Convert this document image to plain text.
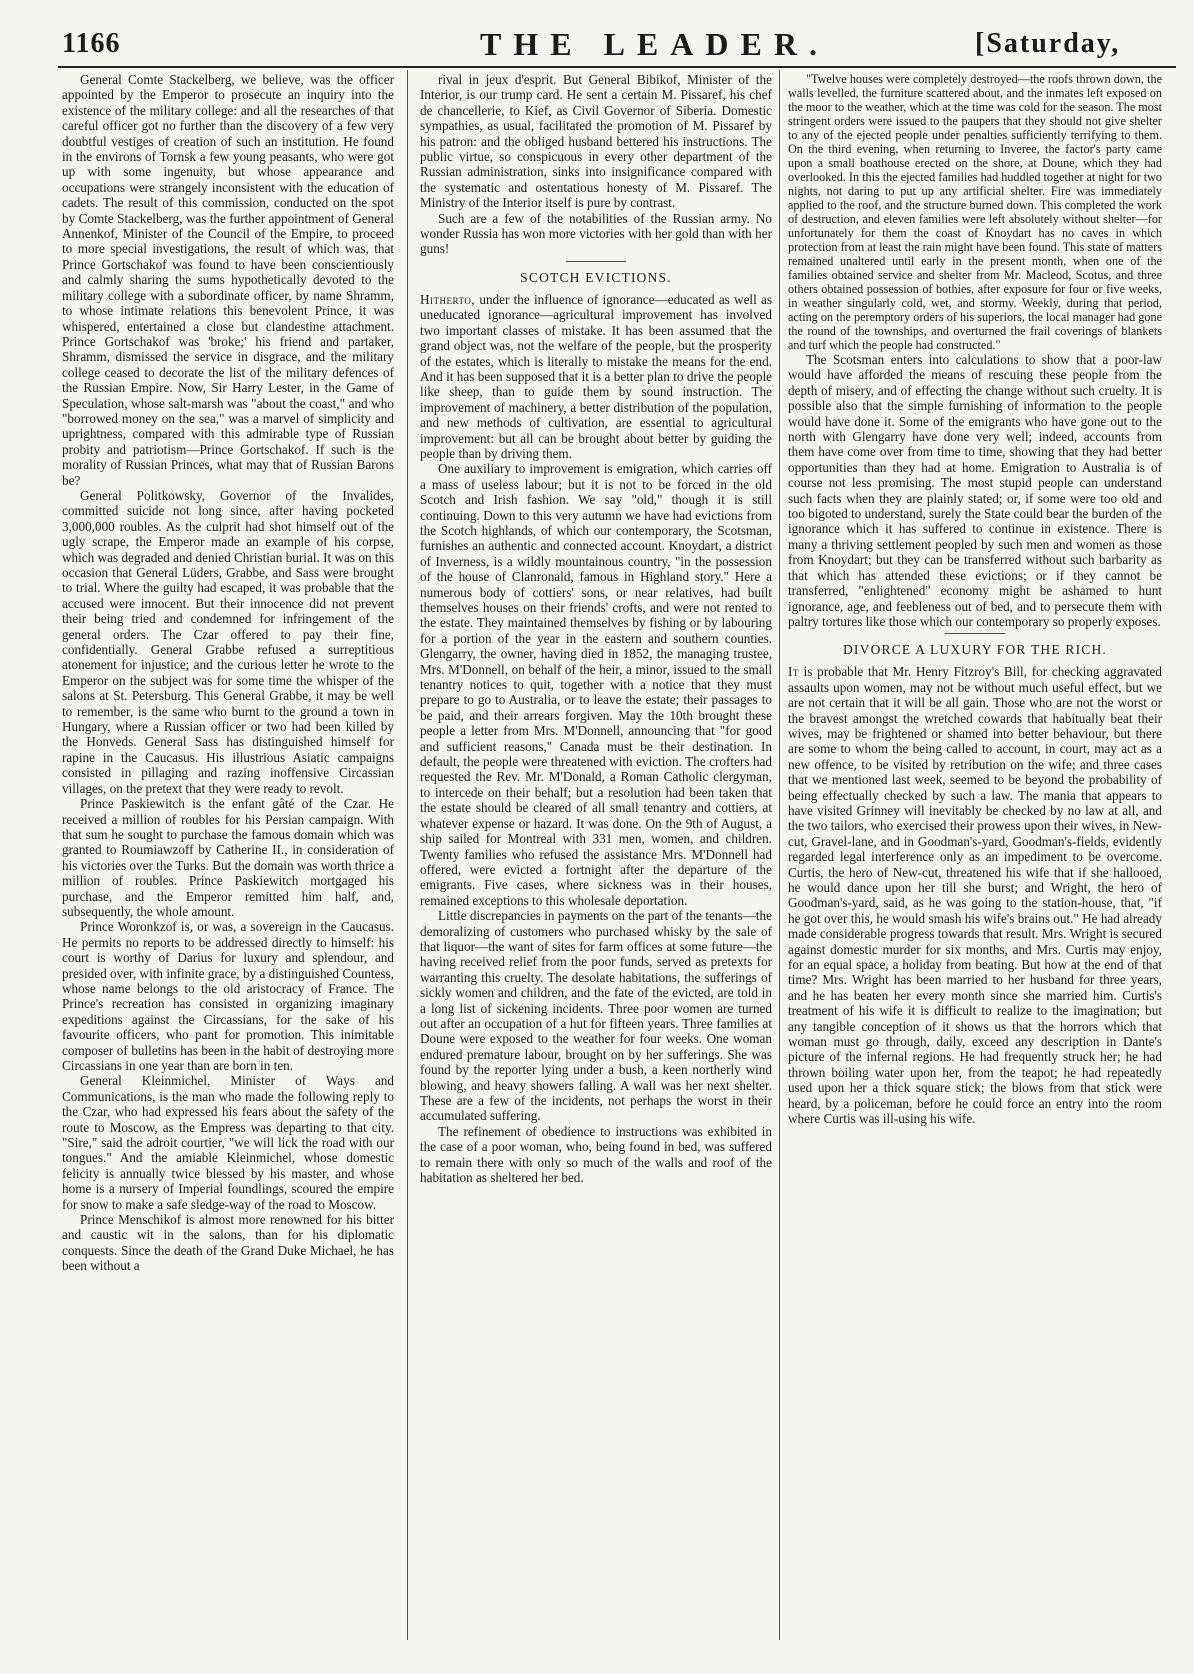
1166	THE LEADER.	[Saturday,

General Comte Stackelberg, we believe, was the officer appointed by the Emperor to prosecute an inquiry into the existence of the military college: and all the researches of that careful officer got no further than the discovery of a few very doubtful vestiges of creation of such an institution. He found in the environs of Tornsk a few young peasants, who were got up with some ingenuity, but whose appearance and occupations were strangely inconsistent with the education of cadets. The result of this commission, conducted on the spot by Comte Stackelberg, was the further appointment of General Annenkof, Minister of the Council of the Empire, to proceed to more special investigations, the result of which was, that Prince Gortschakof was found to have been conscientiously and calmly sharing the sums hypothetically devoted to the military college with a subordinate officer, by name Shramm, to whose intimate relations this benevolent Prince, it was whispered, entertained a close but clandestine attachment. Prince Gortschakof was 'broke;' his friend and partaker, Shramm, dismissed the service in disgrace, and the military college ceased to decorate the list of the military defences of the Russian Empire. Now, Sir Harry Lester, in the Game of Speculation, whose salt-marsh was "about the coast," and who "borrowed money on the sea," was a marvel of simplicity and uprightness, compared with this admirable type of Russian probity and patriotism—Prince Gortschakof. If such is the morality of Russian Princes, what may that of Russian Barons be?

General Politkowsky, Governor of the Invalides, committed suicide not long since, after having pocketed 3,000,000 roubles. As the culprit had shot himself out of the ugly scrape, the Emperor made an example of his corpse, which was degraded and denied Christian burial. It was on this occasion that General Lüders, Grabbe, and Sass were brought to trial. Where the guilty had escaped, it was probable that the accused were innocent. But their innocence did not prevent their being tried and condemned for infringement of the general orders. The Czar offered to pay their fine, confidentially. General Grabbe refused a surreptitious atonement for injustice; and the curious letter he wrote to the Emperor on the subject was for some time the whisper of the salons at St. Petersburg. This General Grabbe, it may be well to remember, is the same who burnt to the ground a town in Hungary, where a Russian officer or two had been killed by the Honveds. General Sass has distinguished himself for rapine in the Caucasus. His illustrious Asiatic campaigns consisted in pillaging and razing inoffensive Circassian villages, on the pretext that they were ready to revolt.

Prince Paskiewitch is the enfant gâté of the Czar. He received a million of roubles for his Persian campaign. With that sum he sought to purchase the famous domain which was granted to Roumiawzoff by Catherine II., in consideration of his victories over the Turks. But the domain was worth thrice a million of roubles. Prince Paskiewitch mortgaged his purchase, and the Emperor remitted him half, and, subsequently, the whole amount.

Prince Woronkzof is, or was, a sovereign in the Caucasus. He permits no reports to be addressed directly to himself: his court is worthy of Darius for luxury and splendour, and presided over, with infinite grace, by a distinguished Countess, whose name belongs to the old aristocracy of France. The Prince's recreation has consisted in organizing imaginary expeditions against the Circassians, for the sake of his favourite officers, who pant for promotion. This inimitable composer of bulletins has been in the habit of destroying more Circassians in one year than are born in ten.

General Kleinmichel, Minister of Ways and Communications, is the man who made the following reply to the Czar, who had expressed his fears about the safety of the route to Moscow, as the Empress was departing to that city. "Sire," said the adroit courtier, "we will lick the road with our tongues." And the amiable Kleinmichel, whose domestic felicity is annually twice blessed by his master, and whose home is a nursery of Imperial foundlings, scoured the empire for snow to make a safe sledge-way of the road to Moscow.

Prince Menschikof is almost more renowned for his bitter and caustic wit in the salons, than for his diplomatic conquests. Since the death of the Grand Duke Michael, he has been without a

rival in jeux d'esprit. But General Bibikof, Minister of the Interior, is our trump card. He sent a certain M. Pissaref, his chef de chancellerie, to Kief, as Civil Governor of Siberia. Domestic sympathies, as usual, facilitated the promotion of M. Pissaref by his patron: and the obliged husband bettered his instructions. The public virtue, so conspicuous in every other department of the Russian administration, sinks into insignificance compared with the systematic and ostentatious honesty of M. Pissaref. The Ministry of the Interior itself is pure by contrast.

Such are a few of the notabilities of the Russian army. No wonder Russia has won more victories with her gold than with her guns!

SCOTCH EVICTIONS.

Hitherto, under the influence of ignorance—educated as well as uneducated ignorance—agricultural improvement has involved two important classes of mistake. It has been assumed that the grand object was, not the welfare of the people, but the prosperity of the estates, which is literally to mistake the means for the end. And it has been supposed that it is a better plan to drive the people like sheep, than to guide them by sound instruction. The improvement of machinery, a better distribution of the population, and new methods of cultivation, are essential to agricultural improvement: but all can be brought about better by guiding the people than by driving them.

One auxiliary to improvement is emigration, which carries off a mass of useless labour; but it is not to be forced in the old Scotch and Irish fashion. We say "old," though it is still continuing. Down to this very autumn we have had evictions from the Scotch highlands, of which our contemporary, the Scotsman, furnishes an authentic and connected account. Knoydart, a district of Inverness, is a wildly mountainous country, "in the possession of the house of Clanronald, famous in Highland story." Here a numerous body of cottiers' sons, or near relatives, had built themselves houses on their friends' crofts, and were not rented to the estate. They maintained themselves by fishing or by labouring for a portion of the year in the eastern and southern counties. Glengarry, the owner, having died in 1852, the managing trustee, Mrs. M'Donnell, on behalf of the heir, a minor, issued to the small tenantry notices to quit, together with a notice that they must prepare to go to Australia, or to leave the estate; their passages to be paid, and their arrears forgiven. May the 10th brought these people a letter from Mrs. M'Donnell, announcing that "for good and sufficient reasons," Canada must be their destination. In default, the people were threatened with eviction. The crofters had requested the Rev. Mr. M'Donald, a Roman Catholic clergyman, to intercede on their behalf; but a resolution had been taken that the estate should be cleared of all small tenantry and cottiers, at whatever expense or hazard. It was done. On the 9th of August, a ship sailed for Montreal with 331 men, women, and children. Twenty families who refused the assistance Mrs. M'Donnell had offered, were evicted a fortnight after the departure of the emigrants. Five cases, where sickness was in their houses, remained exceptions to this wholesale deportation.

Little discrepancies in payments on the part of the tenants—the demoralizing of customers who purchased whisky by the sale of that liquor—the want of sites for farm offices at some future—the having received relief from the poor funds, served as pretexts for warranting this cruelty. The desolate habitations, the sufferings of sickly women and children, and the fate of the evicted, are told in a long list of sickening incidents. Three poor women are turned out after an occupation of a hut for fifteen years. Three families at Doune were exposed to the weather for four weeks. One woman endured premature labour, brought on by her sufferings. She was found by the reporter lying under a bush, a keen northerly wind blowing, and heavy showers falling. A wall was her next shelter. These are a few of the incidents, not perhaps the worst in their accumulated suffering.

The refinement of obedience to instructions was exhibited in the case of a poor woman, who, being found in bed, was suffered to remain there with only so much of the walls and roof of the habitation as sheltered her bed.

"Twelve houses were completely destroyed—the roofs thrown down, the walls levelled, the furniture scattered about, and the inmates left exposed on the moor to the weather, which at the time was cold for the season. The most stringent orders were issued to the paupers that they should not give shelter to any of the ejected people under penalties sufficiently terrifying to them. On the third evening, when returning to Inveree, the factor's party came upon a small boathouse erected on the shore, at Doune, which they had overlooked. In this the ejected families had huddled together at night for two nights, not daring to put up any artificial shelter. Fire was immediately applied to the roof, and the structure burned down. This completed the work of destruction, and eleven families were left absolutely without shelter—for unfortunately for them the coast of Knoydart has no caves in which protection from at least the rain might have been found. This state of matters remained unaltered until early in the present month, when one of the families obtained service and shelter from Mr. Macleod, Scotus, and three others obtained possession of bothies, after exposure for four or five weeks, in weather singularly cold, wet, and stormy. Weekly, during that period, acting on the peremptory orders of his superiors, the local manager had gone the round of the townships, and overturned the frail coverings of blankets and turf which the people had constructed."

The Scotsman enters into calculations to show that a poor-law would have afforded the means of rescuing these people from the depth of misery, and of effecting the change without such cruelty. It is possible also that the simple furnishing of information to the people would have done it. Some of the emigrants who have gone out to the north with Glengarry have done very well; indeed, accounts from them have come over from time to time, showing that they had better opportunities than they had at home. Emigration to Australia is of course not less promising. The most stupid people can understand such facts when they are plainly stated; or, if some were too old and too bigoted to understand, surely the State could bear the burden of the ignorance which it has suffered to continue in existence. There is many a thriving settlement peopled by such men and women as those from Knoydart; but they can be transferred without such barbarity as that which has attended these evictions; or if they cannot be transferred, "enlightened" economy might be ashamed to hunt ignorance, age, and feebleness out of bed, and to persecute them with paltry tortures like those which our contemporary so properly exposes.

DIVORCE A LUXURY FOR THE RICH.

It is probable that Mr. Henry Fitzroy's Bill, for checking aggravated assaults upon women, may not be without much useful effect, but we are not certain that it will be all gain. Those who are not the worst or the bravest amongst the wretched cowards that habitually beat their wives, may be frightened or shamed into better behaviour, but there are some to whom the being called to account, in court, may act as a new offence, to be visited by retribution on the wife; and three cases that we mentioned last week, seemed to be beyond the probability of being effectually checked by such a law. The mania that appears to have visited Grinney will inevitably be checked by no law at all, and the two tailors, who exercised their prowess upon their wives, in New-cut, Gravel-lane, and in Goodman's-yard, Goodman's-fields, evidently regarded legal interference only as an impediment to be overcome. Curtis, the hero of New-cut, threatened his wife that if she hallooed, he would dance upon her till she burst; and Wright, the hero of Goodman's-yard, said, as he was going to the station-house, that, "if he got over this, he would smash his wife's brains out." He had already made considerable progress towards that result. Mrs. Wright is secured against domestic murder for six months, and Mrs. Curtis may enjoy, for an equal space, a holiday from beating. But how at the end of that time? Mrs. Wright has been married to her husband for three years, and he has beaten her every month since she married him. Curtis's treatment of his wife it is difficult to realize to the imagination; but any tangible conception of it shows us that the horrors which that woman must go through, daily, exceed any description in Dante's picture of the infernal regions. He had frequently struck her; he had thrown boiling water upon her, from the teapot; he had repeatedly used upon her a thick square stick; the blows from that stick were heard, by a policeman, before he could force an entry into the room where Curtis was ill-using his wife.
